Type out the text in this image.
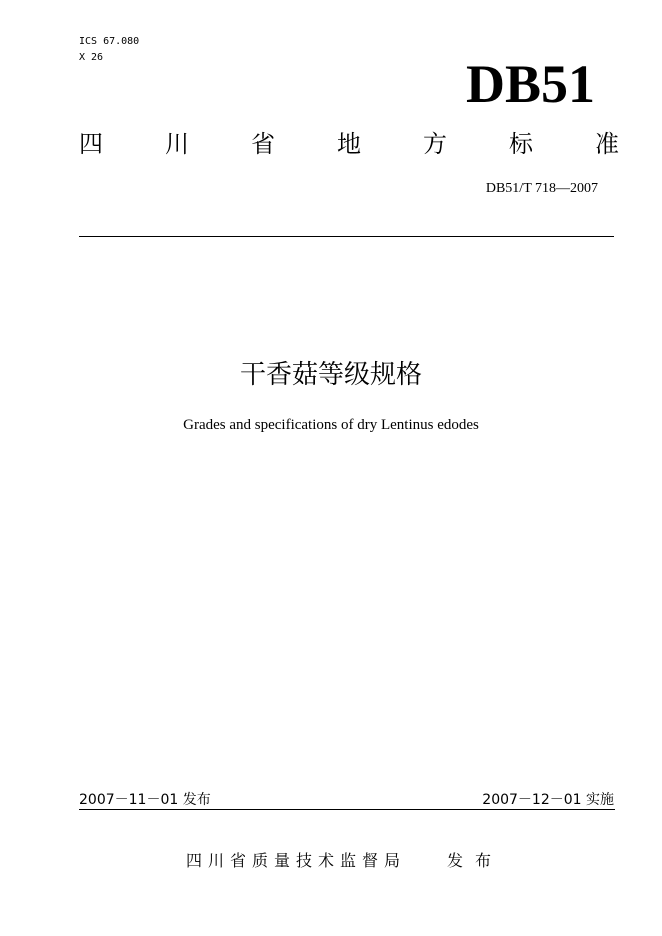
ICS 67.080
X 26	DB51
四	川	省	地	方	标	准
DB51/T 718—2007
干香菇等级规格
Grades and specifications of dry Lentinus edodes
2007－11－01 发布	2007－12－01 实施
四川省质量技术监督局	发布
